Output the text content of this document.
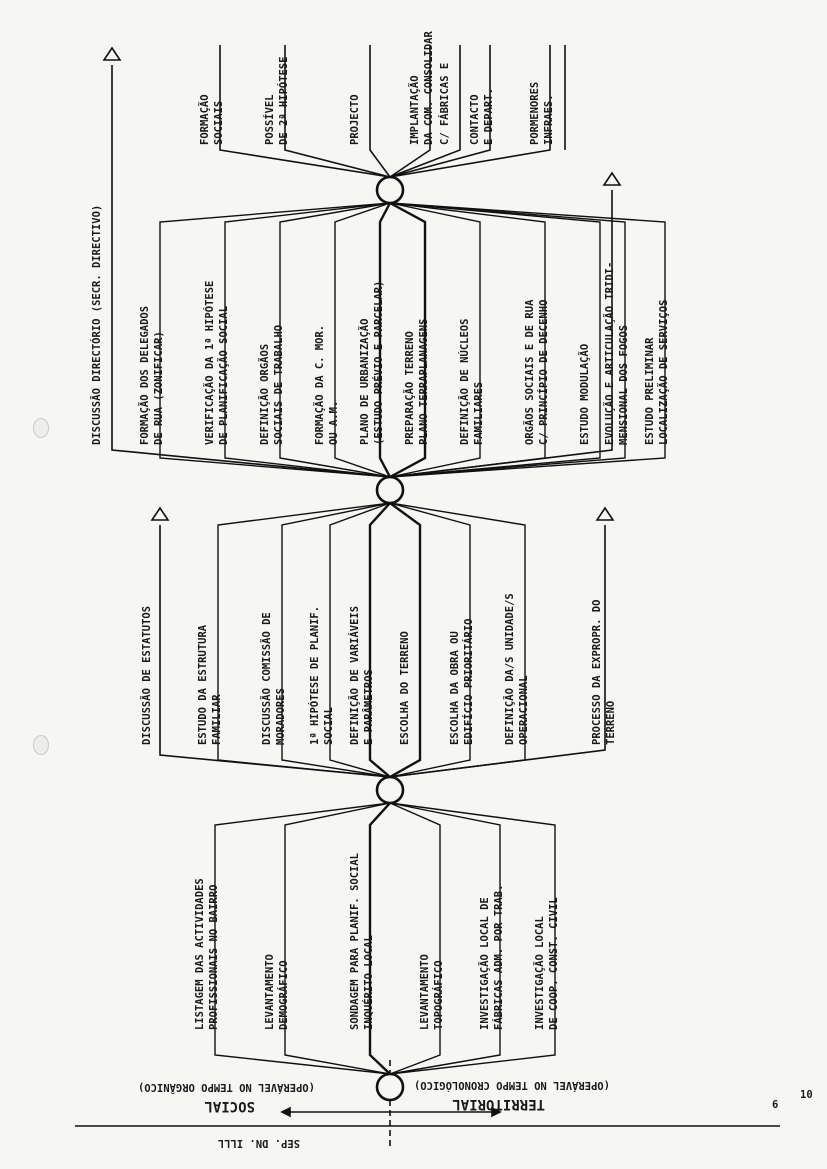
LISTAGEM DAS ACTIVIDADES PROFISSIONAIS NO BAIRRO	LEVANTAMENTO DEMOGRÁFICO	SONDAGEM PARA PLANIF. SOCIAL INQUÉRITO LOCAL	LEVANTAMENTO TOPOGRÁFICO	INVESTIGAÇÃO LOCAL DE FÁBRICAS ADM. POR TRAB.	INVESTIGAÇÃO LOCAL DE COOP. CONST. CIVIL
ESTUDO DA ESTRUTURA FAMILIAR	DISCUSSÃO COMISSÃO DE MORADORES 1ª HIPÓTESE DE PLANIF. SOCIAL DEFINIÇÃO DE VARIÁVEIS E PARÂMETROS ESCOLHA DO TERRENO	ESCOLHA DA OBRA OU EDIFÍCIO PRIORITÁRIO	DEFINIÇÃO DA/S UNIDADE/S OPERACIONAL
DISCUSSÃO DE ESTATUTOS	PROCESSO DA EXPROPR. DO TERRENO
FORMAÇÃO DOS DELEGADOS DE RUA (ZONIFICAR)	VERIFICAÇÃO DA 1ª HIPÓTESE DE PLANIFICAÇÃO SOCIAL	DEFINIÇÃO ORGÃOS SOCIAIS DE TRABALHO	FORMAÇÃO DA C. MOR. OU A.M. PLANO DE URBANIZAÇÃO (ESTUDO PRÉVIO E PARCELAR) PREPARAÇÃO TERRENO PLANO TERRAPLANAGENS	DEFINIÇÃO DE NÚCLEOS FAMILIARES	ORGÃOS SOCIAIS E DE RUA C/ PRINCÍPIO DE DECENHO	ESTUDO MODULAÇÃO EVOLUÇÃO E ARTICULAÇÃO TRIDI- MENSIONAL DOS FOGOS ESTUDO PRELIMINAR LOCALIZAÇÃO DE SERVIÇOS
DISCUSSÃO DIRECTÓRIO (SECR. DIRECTIVO)
FORMAÇÃO SOCIAIS	POSSÍVEL DE 2ª HIPÓTESE	PROJECTO	IMPLANTAÇÃO DA COM. CONSOLIDAR C/ FÁBRICAS E CONTACTO E DEPART.	PORMENORES INFRAES.
6
10
SEP. DN. ILLL
SOCIAL
(OPERÁVEL NO TEMPO ORGÂNICO)
TERRITORIAL
(OPERÁVEL NO TEMPO CRONOLÓGICO)
